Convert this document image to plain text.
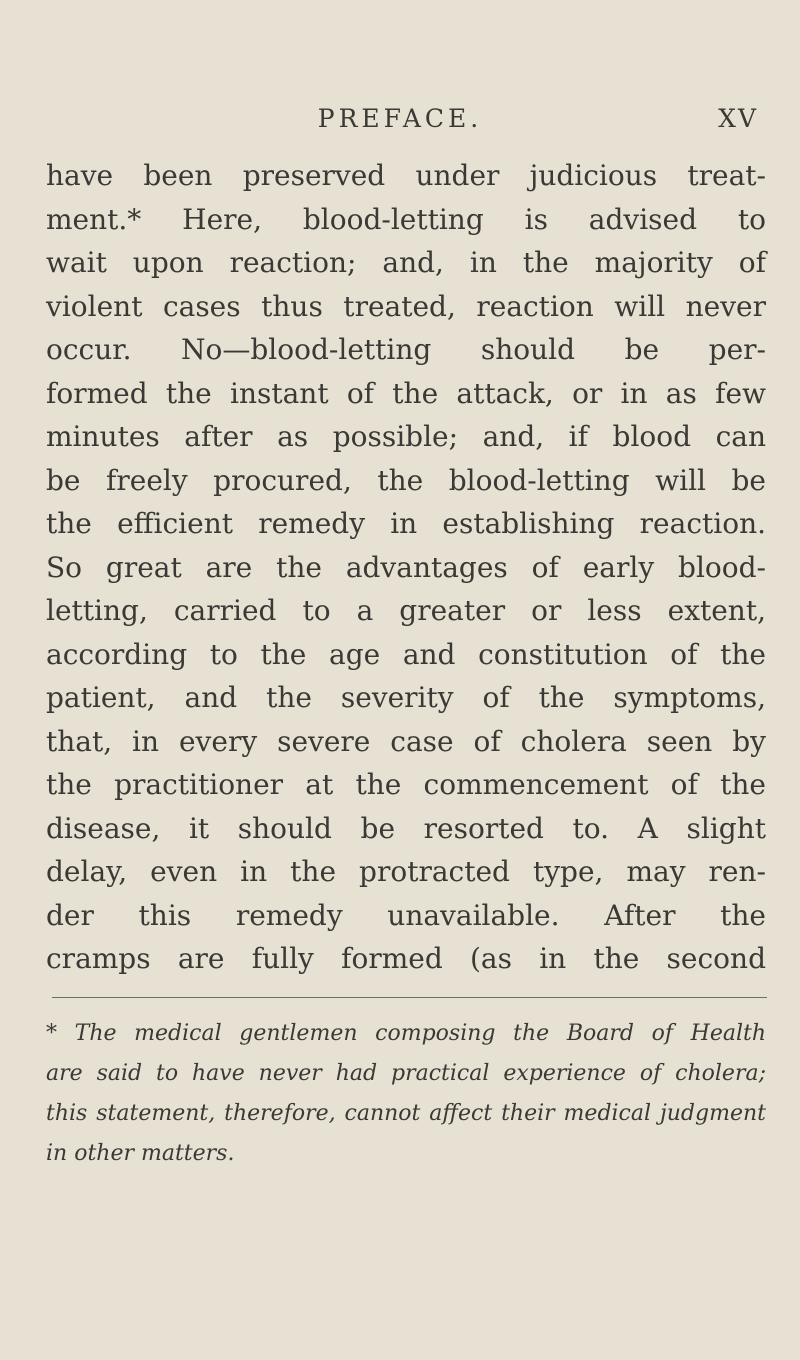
PREFACE.	XV
have been preserved under judicious treat-
ment.* Here, blood-letting is advised to
wait upon reaction; and, in the majority of
violent cases thus treated, reaction will never
occur. No—blood-letting should be per-
formed the instant of the attack, or in as few
minutes after as possible; and, if blood can
be freely procured, the blood-letting will be
the efficient remedy in establishing reaction.
So great are the advantages of early blood-
letting, carried to a greater or less extent,
according to the age and constitution of the
patient, and the severity of the symptoms,
that, in every severe case of cholera seen by
the practitioner at the commencement of the
disease, it should be resorted to. A slight
delay, even in the protracted type, may ren-
der this remedy unavailable. After the
cramps are fully formed (as in the second
* The medical gentlemen composing the Board of Health
are said to have never had practical experience of cholera;
this statement, therefore, cannot affect their medical judgment
in other matters.
